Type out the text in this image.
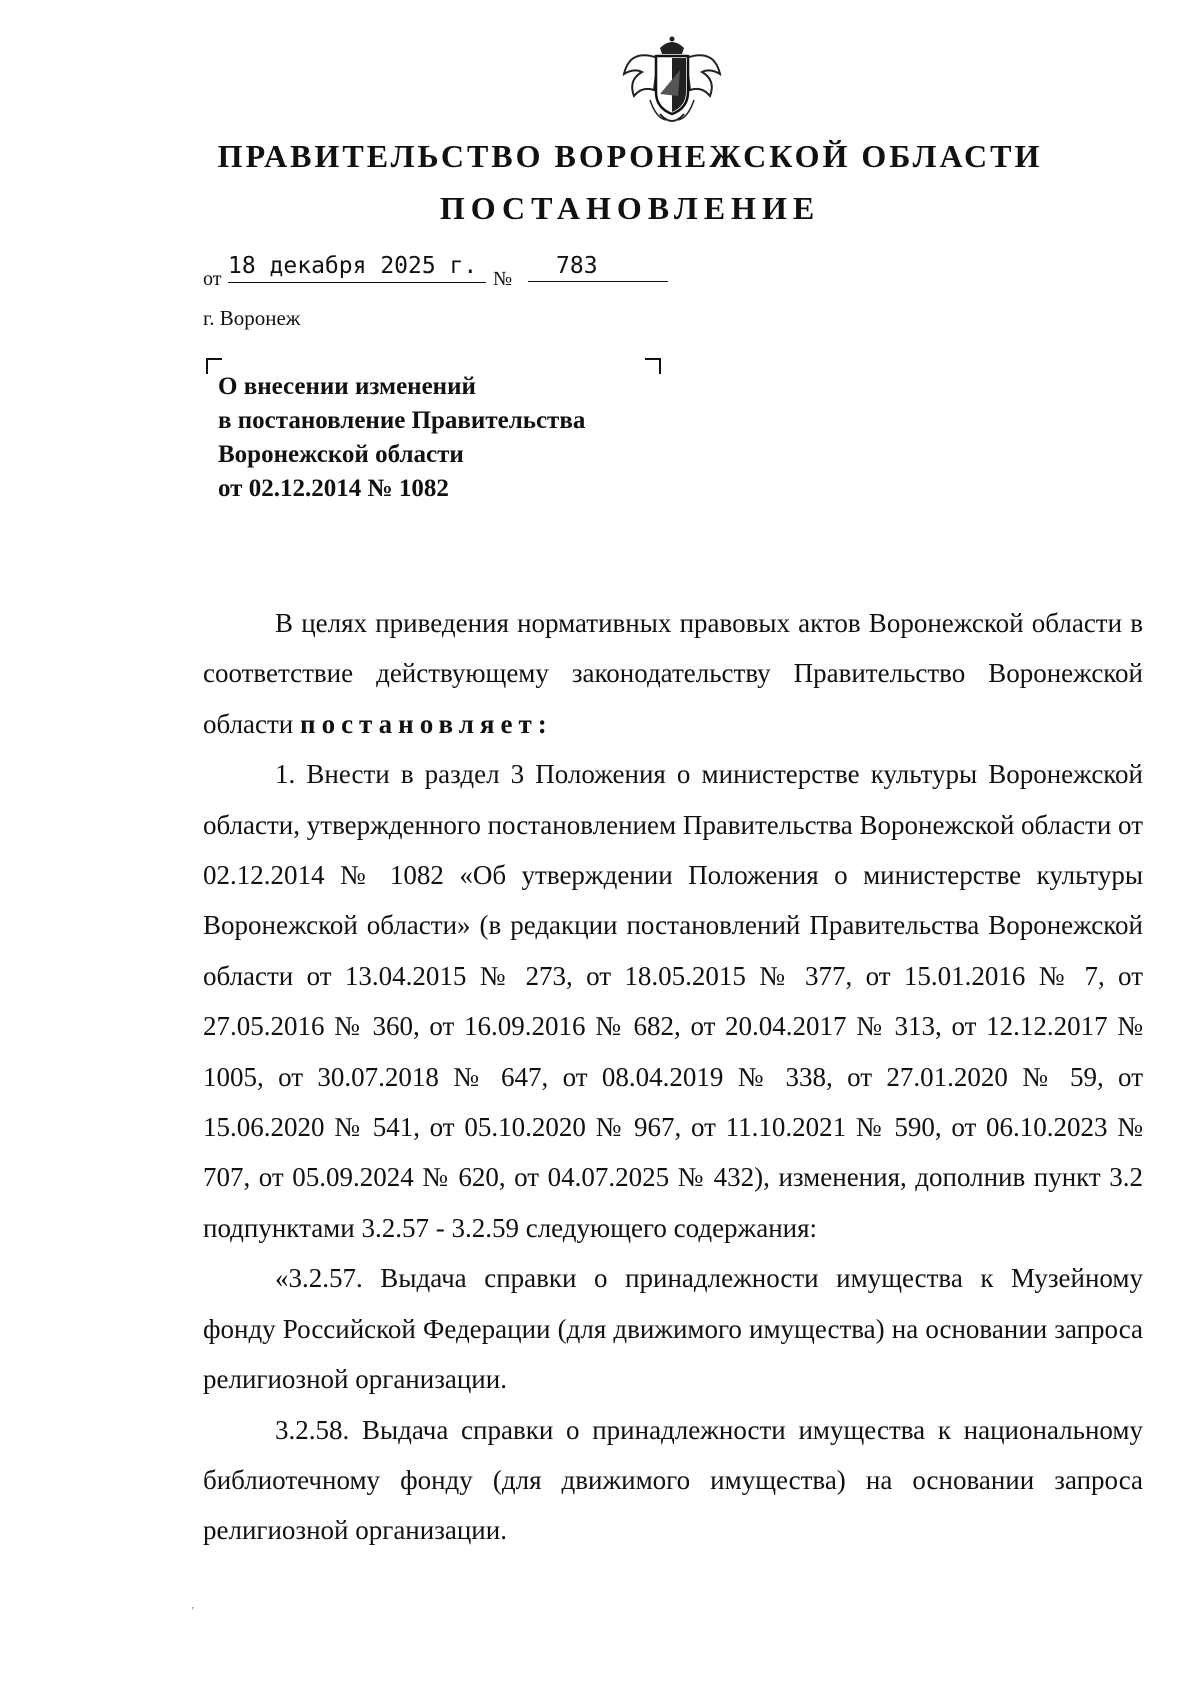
ПРАВИТЕЛЬСТВО ВОРОНЕЖСКОЙ ОБЛАСТИ
ПОСТАНОВЛЕНИЕ
от 18 декабря 2025 г. №	783
г. Воронеж
О внесении изменений
в постановление Правительства
Воронежской области
от 02.12.2014 № 1082

В целях приведения нормативных правовых актов Воронежской области в соответствие действующему законодательству Правительство Воронежской области постановляет:

1. Внести в раздел 3 Положения о министерстве культуры Воронежской области, утвержденного постановлением Правительства Воронежской области от 02.12.2014 № 1082 «Об утверждении Положения о министерстве культуры Воронежской области» (в редакции постановлений Правительства Воронежской области от 13.04.2015 № 273, от 18.05.2015 № 377, от 15.01.2016 № 7, от 27.05.2016 № 360, от 16.09.2016 № 682, от 20.04.2017 № 313, от 12.12.2017 № 1005, от 30.07.2018 № 647, от 08.04.2019 № 338, от 27.01.2020 № 59, от 15.06.2020 № 541, от 05.10.2020 № 967, от 11.10.2021 № 590, от 06.10.2023 № 707, от 05.09.2024 № 620, от 04.07.2025 № 432), изменения, дополнив пункт 3.2 подпунктами 3.2.57 - 3.2.59 следующего содержания:

«3.2.57. Выдача справки о принадлежности имущества к Музейному фонду Российской Федерации (для движимого имущества) на основании запроса религиозной организации.

3.2.58. Выдача справки о принадлежности имущества к национальному библиотечному фонду (для движимого имущества) на основании запроса религиозной организации.

'
